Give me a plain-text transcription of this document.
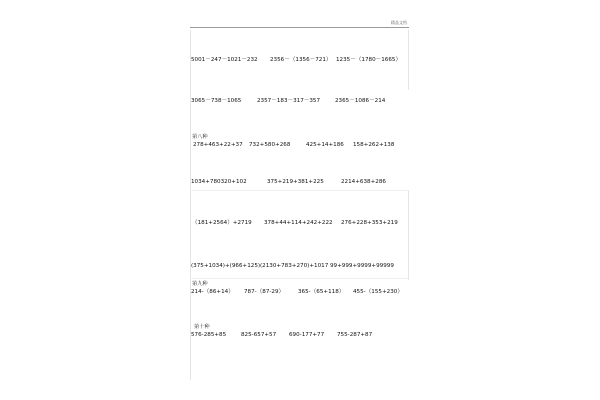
精品文档
5001－247－1021－232 2356－（1356－721） 1235－（1780－1665）
3065－738－1065	2357－183－317－357	2365－1086－214
第八种
278+463+22+37 732+580+268	425+14+186 158+262+138
1034+780320+102	375+219+381+225	2214+638+286
（181+2564）+2719 378+44+114+242+222 276+228+353+219
(375+1034)+(966+125) (2130+783+270)+1017 99+999+9999+99999
第九种
214-（86+14） 787-（87-29） 365-（65+118） 455-（155+230）
第十种
576-285+85	825-657+57 690-177+77 755-287+87
